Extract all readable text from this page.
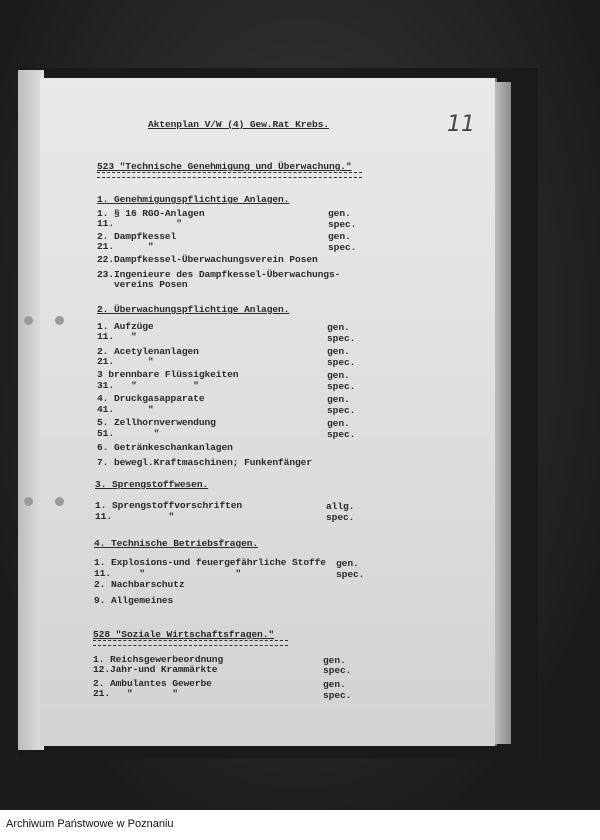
Aktenplan V/W (4) Gew.Rat Krebs.	11
523 "Technische Genehmigung und Überwachung."
1. Genehmigungspflichtige Anlagen.
1. § 16 RGO-Anlagen	gen.
11.           "	spec.
2. Dampfkessel	gen.
21.      "	spec.
22.Dampfkessel-Überwachungsverein Posen
23.Ingenieure des Dampfkessel-Überwachungs-
vereins Posen
2. Überwachungspflichtige Anlagen.
1. Aufzüge	gen.
11.   "	spec.
2. Acetylenanlagen	gen.
21.      "	spec.
3 brennbare Flüssigkeiten	gen.
31.   "          "	spec.
4. Druckgasapparate	gen.
41.      "	spec.
5. Zellhornverwendung	gen.
51.       "	spec.
6. Getränkeschankanlagen
7. bewegl.Kraftmaschinen; Funkenfänger
3. Sprengstoffwesen.
1. Sprengstoffvorschriften	allg.
11.          "	spec.
4. Technische Betriebsfragen.
1. Explosions-und feuergefährliche Stoffe gen.
11.     "                "	spec.
2. Nachbarschutz
9. Allgemeines
528 "Soziale Wirtschaftsfragen."
1. Reichsgewerbeordnung	gen.
12.Jahr-und Krammärkte	spec.
2. Ambulantes Gewerbe	gen.
21.   "       "	spec.
Archiwum Państwowe w Poznaniu
